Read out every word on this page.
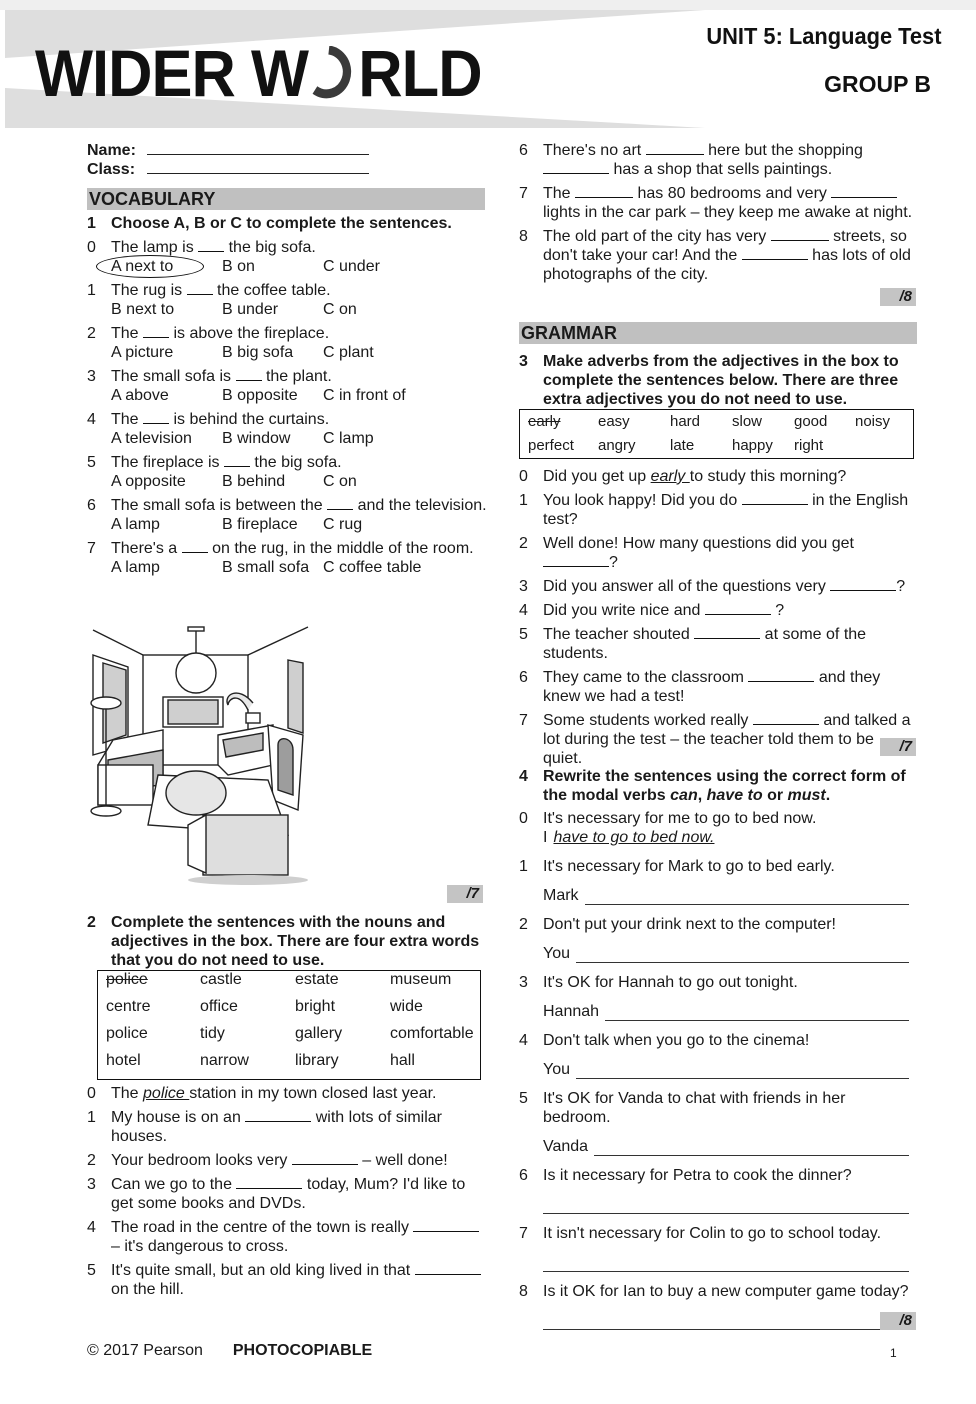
WIDER W RLD	UNIT 5: Language Test
GROUP B
Name:
Class:
VOCABULARY
1 Choose A, B or C to complete the sentences.
0 The lamp is the big sofa.
A next to	B on	C under
1 The rug is the coffee table.
B next to	B under	C on
2 The is above the fireplace.
A picture	B big sofa	C plant
3 The small sofa is the plant.
A above	B opposite	C in front of
4 The is behind the curtains.
A television	B window	C lamp
5 The fireplace is the big sofa.
A opposite	B behind	C on
6 The small sofa is between the and the television.
A lamp	B fireplace	C rug
7 There's a on the rug, in the middle of the room.
A lamp	B small sofa C coffee table
/7
2 Complete the sentences with the nouns and adjectives in the box. There are four extra words that you do not need to use.
police	castle	estate	museum
centre	office	bright	wide
police	tidy	gallery	comfortable
hotel	narrow	library	hall
0 The police station in my town closed last year.
1 My house is on an	with lots of similar houses.
2 Your bedroom looks very	– well done!
3 Can we go to the	today, Mum? I'd like to get some books and DVDs.
4 The road in the centre of the town is really – it's dangerous to cross.
5 It's quite small, but an old king lived in that  on the hill.
6 There's no art	here but the shopping  has a shop that sells paintings.
7 The	has 80 bedrooms and very  lights in the car park – they keep me awake at night.
8 The old part of the city has very	streets, so don't take your car! And the	has lots of old photographs of the city.
/8
GRAMMAR
3 Make adverbs from the adjectives in the box to complete the sentences below. There are three extra adjectives you do not need to use.
early	easy	hard	slow	good	noisy
perfect	angry	late	happy	right
0 Did you get up early to study this morning?
1 You look happy! Did you do	in the English test?
2 Well done! How many questions did you get ?
3 Did you answer all of the questions very	?
4 Did you write nice and	?
5 The teacher shouted	at some of the students.
6 They came to the classroom	and they knew we had a test!
7 Some students worked really	and talked a lot during the test – the teacher told them to be quiet.
/7
4 Rewrite the sentences using the correct form of the modal verbs can, have to or must.
0 It's necessary for me to go to bed now.
I have to go to bed now.
1 It's necessary for Mark to go to bed early.
Mark
2 Don't put your drink next to the computer!
You
3 It's OK for Hannah to go out tonight.
Hannah
4 Don't talk when you go to the cinema!
You
5 It's OK for Vanda to chat with friends in her bedroom.
Vanda
6 Is it necessary for Petra to cook the dinner?
7 It isn't necessary for Colin to go to school today.
8 Is it OK for Ian to buy a new computer game today?
/8
© 2017 Pearson PHOTOCOPIABLE	1
